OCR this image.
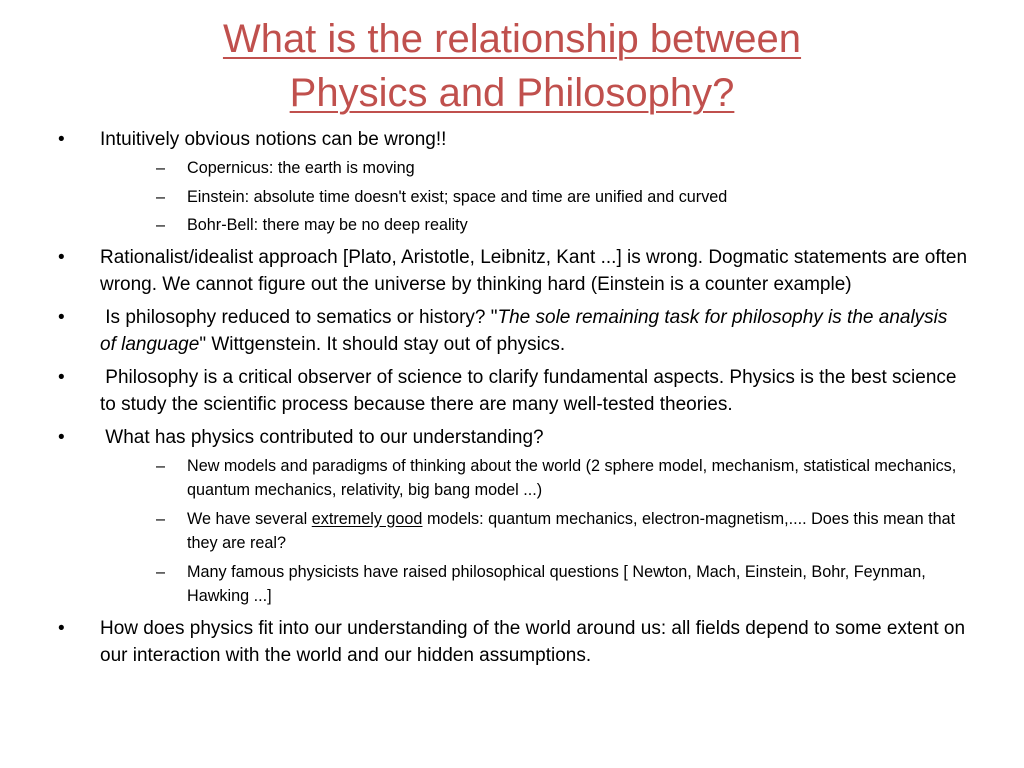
What is the relationship between
Physics and Philosophy?
• Intuitively obvious notions can be wrong!!
– Copernicus: the earth is moving
– Einstein: absolute time doesn't exist; space and time are unified and curved
– Bohr-Bell: there may be no deep reality
• Rationalist/idealist approach [Plato, Aristotle, Leibnitz, Kant ...] is wrong. Dogmatic statements are often wrong. We cannot figure out the universe by thinking hard (Einstein is a counter example)
• Is philosophy reduced to sematics or history? "The sole remaining task for philosophy is the analysis of language" Wittgenstein. It should stay out of physics.
• Philosophy is a critical observer of science to clarify fundamental aspects. Physics is the best science to study the scientific process because there are many well-tested theories.
• What has physics contributed to our understanding?
– New models and paradigms of thinking about the world (2 sphere model, mechanism, statistical mechanics, quantum mechanics, relativity, big bang model ...)
– We have several extremely good models: quantum mechanics, electron-magnetism,.... Does this mean that they are real?
– Many famous physicists have raised philosophical questions [ Newton, Mach, Einstein, Bohr, Feynman, Hawking ...]
• How does physics fit into our understanding of the world around us: all fields depend to some extent on our interaction with the world and our hidden assumptions.
